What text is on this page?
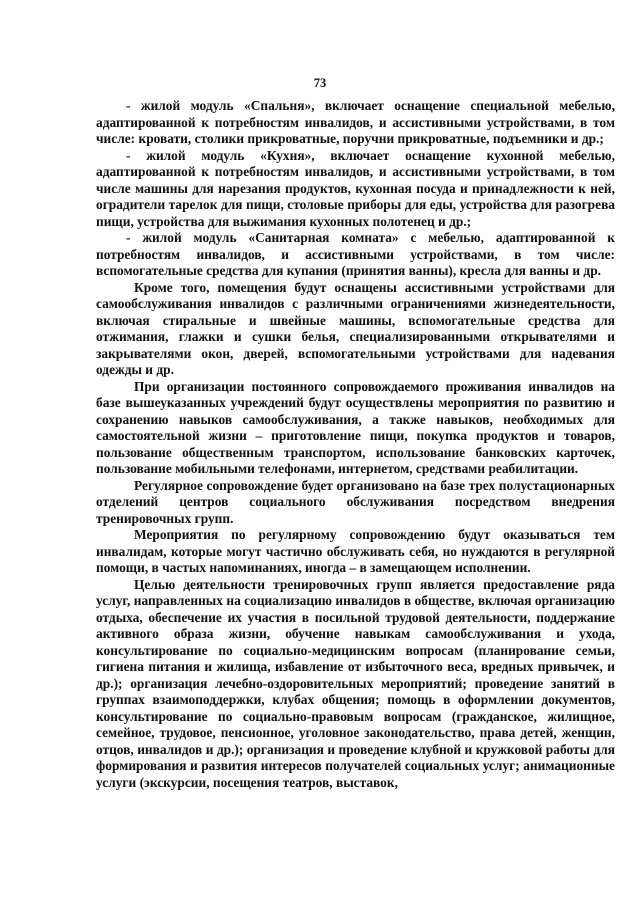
73

- жилой модуль «Спальня», включает оснащение специальной мебелью, адаптированной к потребностям инвалидов, и ассистивными устройствами, в том числе: кровати, столики прикроватные, поручни прикроватные, подъемники и др.;

- жилой модуль «Кухня», включает оснащение кухонной мебелью, адаптированной к потребностям инвалидов, и ассистивными устройствами, в том числе машины для нарезания продуктов, кухонная посуда и принадлежности к ней, оградители тарелок для пищи, столовые приборы для еды, устройства для разогрева пищи, устройства для выжимания кухонных полотенец и др.;

- жилой модуль «Санитарная комната» с мебелью, адаптированной к потребностям инвалидов, и ассистивными устройствами, в том числе: вспомогательные средства для купания (принятия ванны), кресла для ванны и др.

Кроме того, помещения будут оснащены ассистивными устройствами для самообслуживания инвалидов с различными ограничениями жизнедеятельности, включая стиральные и швейные машины, вспомогательные средства для отжимания, глажки и сушки белья, специализированными открывателями и закрывателями окон, дверей, вспомогательными устройствами для надевания одежды и др.

При организации постоянного сопровождаемого проживания инвалидов на базе вышеуказанных учреждений будут осуществлены мероприятия по развитию и сохранению навыков самообслуживания, а также навыков, необходимых для самостоятельной жизни – приготовление пищи, покупка продуктов и товаров, пользование общественным транспортом, использование банковских карточек, пользование мобильными телефонами, интернетом, средствами реабилитации.

Регулярное сопровождение будет организовано на базе трех полустационарных отделений центров социального обслуживания посредством внедрения тренировочных групп.

Мероприятия по регулярному сопровождению будут оказываться тем инвалидам, которые могут частично обслуживать себя, но нуждаются в регулярной помощи, в частых напоминаниях, иногда – в замещающем исполнении.

Целью деятельности тренировочных групп является предоставление ряда услуг, направленных на социализацию инвалидов в обществе, включая организацию отдыха, обеспечение их участия в посильной трудовой деятельности, поддержание активного образа жизни, обучение навыкам самообслуживания и ухода, консультирование по социально-медицинским вопросам (планирование семьи, гигиена питания и жилища, избавление от избыточного веса, вредных привычек, и др.); организация лечебно-оздоровительных мероприятий; проведение занятий в группах взаимоподдержки, клубах общения; помощь в оформлении документов, консультирование по социально-правовым вопросам (гражданское, жилищное, семейное, трудовое, пенсионное, уголовное законодательство, права детей, женщин, отцов, инвалидов и др.); организация и проведение клубной и кружковой работы для формирования и развития интересов получателей социальных услуг; анимационные услуги (экскурсии, посещения театров, выставок,
